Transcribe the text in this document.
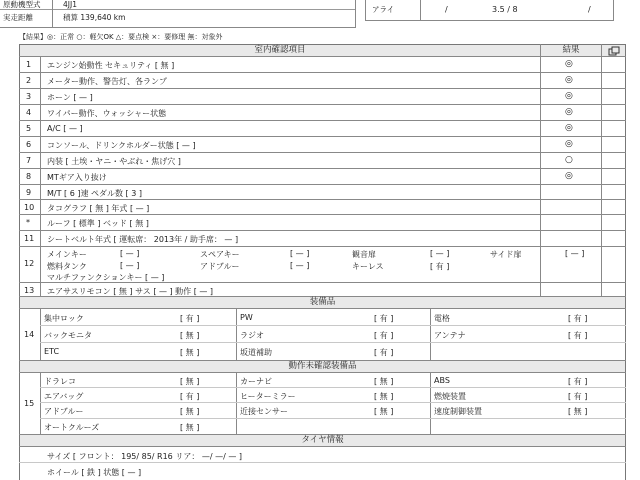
原動機型式	4JJ1
実走距離	積算 139,640 km
アライ	/	3.5 / 8	/
【結果】◎：正常 ○：軽欠OK △：要点検 ×：要修理 無：対象外
室内確認項目	結果
1 エンジン始動性 セキュリティ [ 無 ]	◎
2 メーター動作、警告灯、各ランプ	◎
3 ホーン [ — ]	◎
4 ワイパー動作、ウォッシャー状態	◎
5 A/C [ — ]	◎
6 コンソール、ドリンクホルダー状態 [ — ]	◎
7 内装 [ 土埃・ヤニ・やぶれ・焦げ穴 ]	○
8 MTギア入り抜け	◎
9 M/T [ 6 ]速 ペダル数 [ 3 ]
10 タコグラフ [ 無 ] 年式 [ — ]
* ルーフ [ 標準 ] ベッド [ 無 ]
11 シートベルト年式 [ 運転席： 2013年 / 助手席： — ]
12
メインキー	[ — ]	スペアキー	[ — ]	観音扉	[ — ]	サイド扉	[ — ]
燃料タンク	[ — ]	アドブルー	[ — ]	キーレス	[ 有 ]
マルチファンクションキー [ — ]
13 エアサスリモコン [ 無 ] サス [ — ] 動作 [ — ]
装備品
14
集中ロック	[ 有 ]	PW	[ 有 ]	電格	[ 有 ]
バックモニタ	[ 無 ]	ラジオ	[ 有 ]	アンテナ	[ 有 ]
ETC	[ 無 ]	坂道補助	[ 有 ]
動作未確認装備品
15
ドラレコ	[ 無 ]	カーナビ	[ 無 ]	ABS	[ 有 ]
エアバッグ	[ 有 ]	ヒーターミラー	[ 無 ]	燃焼装置	[ 有 ]
アドブルー	[ 無 ]	近接センサー	[ 無 ]	速度制御装置	[ 無 ]
オートクルーズ	[ 無 ]
タイヤ情報
サイズ [ フロント： 195/ 85/ R16 リア： —/ —/ — ]
ホイール [ 鉄 ] 状態 [ — ]
